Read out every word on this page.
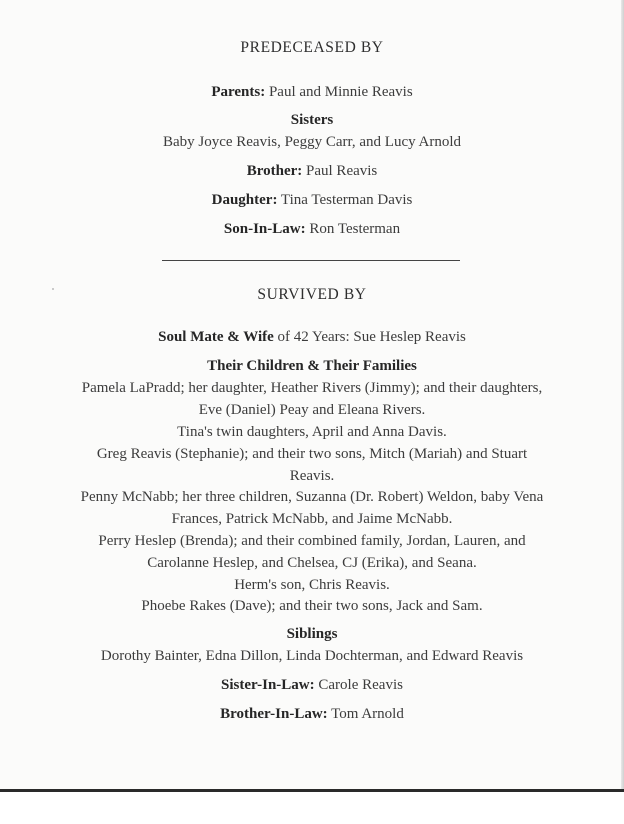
PREDECEASED BY
Parents: Paul and Minnie Reavis
Sisters
Baby Joyce Reavis, Peggy Carr, and Lucy Arnold
Brother: Paul Reavis
Daughter: Tina Testerman Davis
Son-In-Law: Ron Testerman
SURVIVED BY
Soul Mate & Wife of 42 Years: Sue Heslep Reavis
Their Children & Their Families
Pamela LaPradd; her daughter, Heather Rivers (Jimmy); and their daughters,
Eve (Daniel) Peay and Eleana Rivers.
Tina's twin daughters, April and Anna Davis.
Greg Reavis (Stephanie); and their two sons, Mitch (Mariah) and Stuart
Reavis.
Penny McNabb; her three children, Suzanna (Dr. Robert) Weldon, baby Vena
Frances, Patrick McNabb, and Jaime McNabb.
Perry Heslep (Brenda); and their combined family, Jordan, Lauren, and
Carolanne Heslep, and Chelsea, CJ (Erika), and Seana.
Herm's son, Chris Reavis.
Phoebe Rakes (Dave); and their two sons, Jack and Sam.
Siblings
Dorothy Bainter, Edna Dillon, Linda Dochterman, and Edward Reavis
Sister-In-Law: Carole Reavis
Brother-In-Law: Tom Arnold
